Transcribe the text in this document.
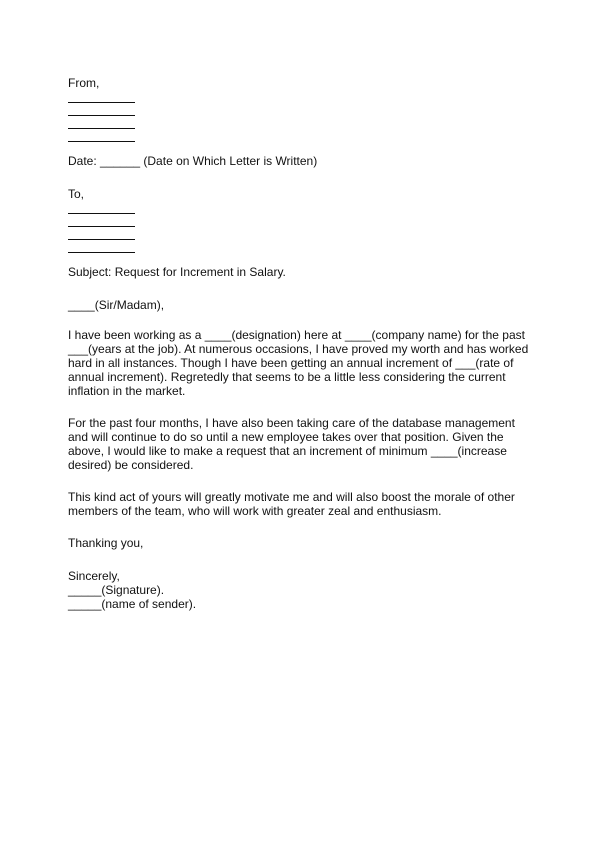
From,
Date: ______ (Date on Which Letter is Written)
To,
Subject: Request for Increment in Salary.
____(Sir/Madam),
I have been working as a ____(designation) here at ____(company name) for the past
___(years at the job). At numerous occasions, I have proved my worth and has worked
hard in all instances. Though I have been getting an annual increment of ___(rate of
annual increment). Regretedly that seems to be a little less considering the current
inflation in the market.
For the past four months, I have also been taking care of the database management
and will continue to do so until a new employee takes over that position. Given the
above, I would like to make a request that an increment of minimum ____(increase
desired) be considered.
This kind act of yours will greatly motivate me and will also boost the morale of other
members of the team, who will work with greater zeal and enthusiasm.
Thanking you,
Sincerely,
_____(Signature).
_____(name of sender).
